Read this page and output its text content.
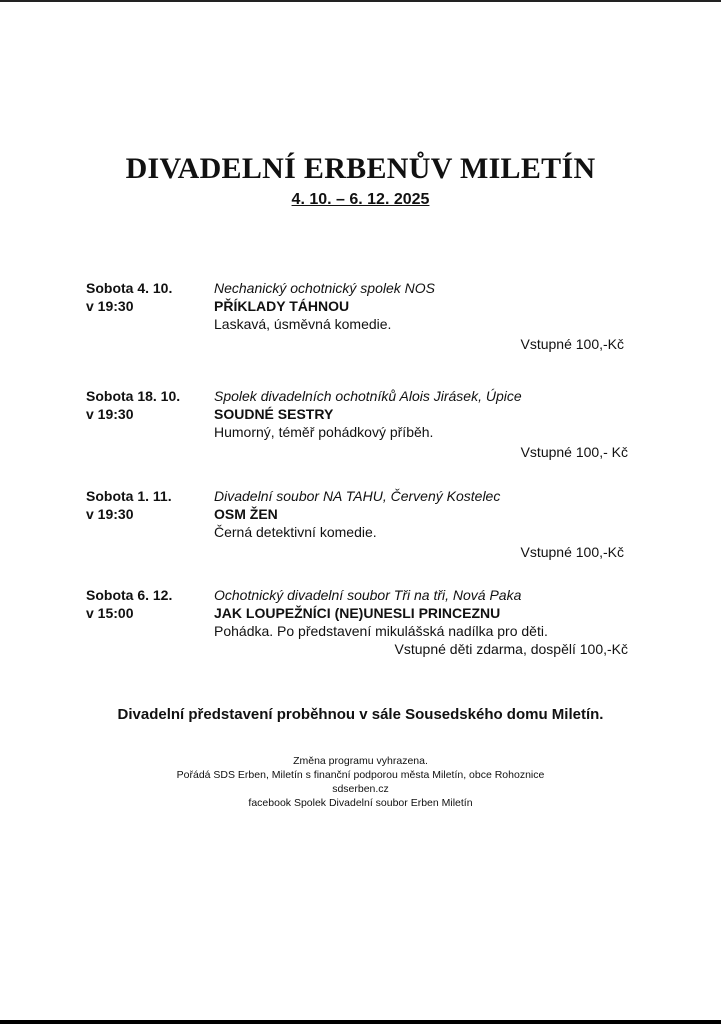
DIVADELNÍ ERBENŮV MILETÍN
4. 10. – 6. 12. 2025
Sobota 4. 10.
v 19:30
Nechanický ochotnický spolek NOS
PŘÍKLADY TÁHNOU
Laskavá, úsměvná komedie.
Vstupné 100,-Kč
Sobota 18. 10.
v 19:30
Spolek divadelních ochotníků Alois Jirásek, Úpice
SOUDNÉ SESTRY
Humorný, téměř pohádkový příběh.
Vstupné 100,- Kč
Sobota 1. 11.
v 19:30
Divadelní soubor NA TAHU, Červený Kostelec
OSM ŽEN
Černá detektivní komedie.
Vstupné 100,-Kč
Sobota 6. 12.
v 15:00
Ochotnický divadelní soubor Tři na tři, Nová Paka
JAK LOUPEŽNÍCI (NE)UNESLI PRINCEZNU
Pohádka. Po představení mikulášská nadílka pro děti.
Vstupné děti zdarma, dospělí 100,-Kč
Divadelní představení proběhnou v sále Sousedského domu Miletín.
Změna programu vyhrazena.
Pořádá SDS Erben, Miletín s finanční podporou města Miletín, obce Rohoznice
sdserben.cz
facebook Spolek Divadelní soubor Erben Miletín
